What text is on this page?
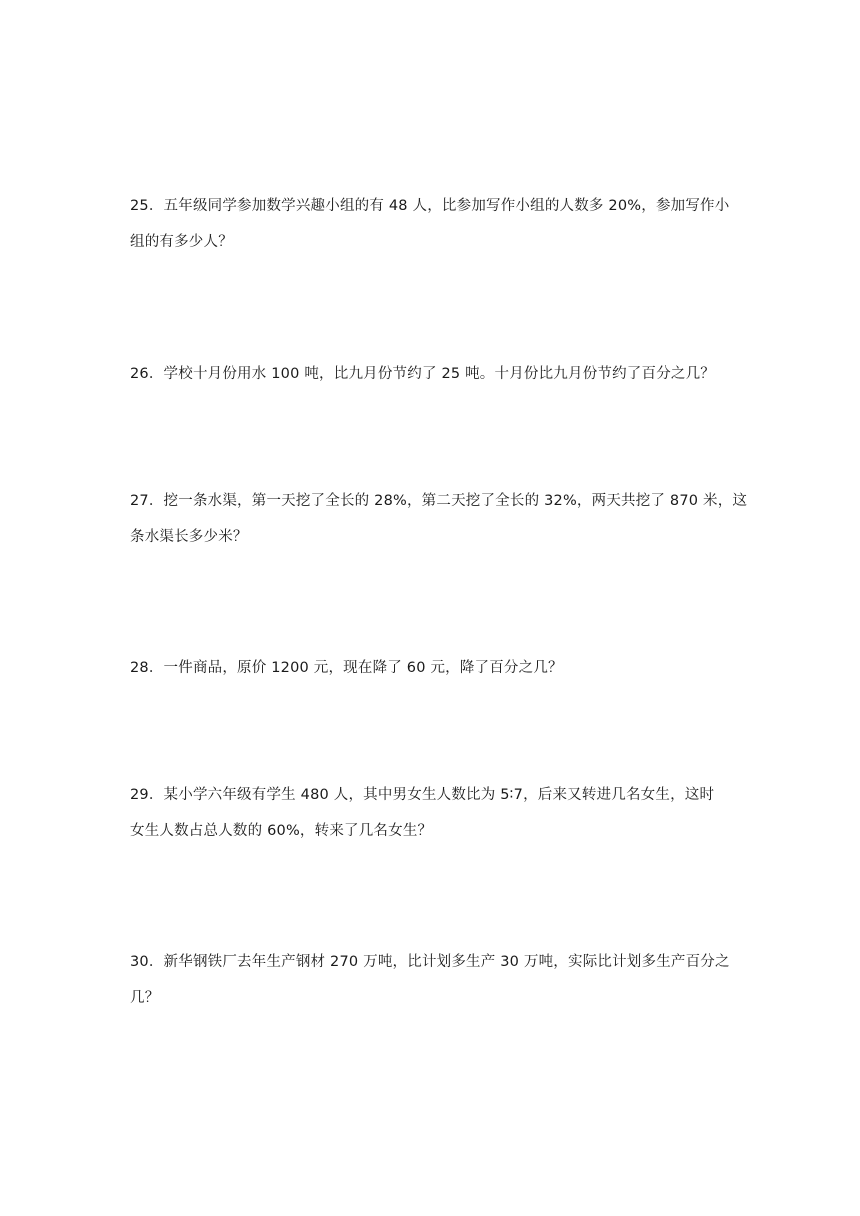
25．五年级同学参加数学兴趣小组的有 48 人，比参加写作小组的人数多 20%，参加写作小

组的有多少人？

26．学校十月份用水 100 吨，比九月份节约了 25 吨。十月份比九月份节约了百分之几？

27．挖一条水渠，第一天挖了全长的 28%，第二天挖了全长的 32%，两天共挖了 870 米，这

条水渠长多少米？

28．一件商品，原价 1200 元，现在降了 60 元，降了百分之几？

29．某小学六年级有学生 480 人，其中男女生人数比为 5∶7，后来又转进几名女生，这时

女生人数占总人数的 60%，转来了几名女生？

30．新华钢铁厂去年生产钢材 270 万吨，比计划多生产 30 万吨，实际比计划多生产百分之

几？
